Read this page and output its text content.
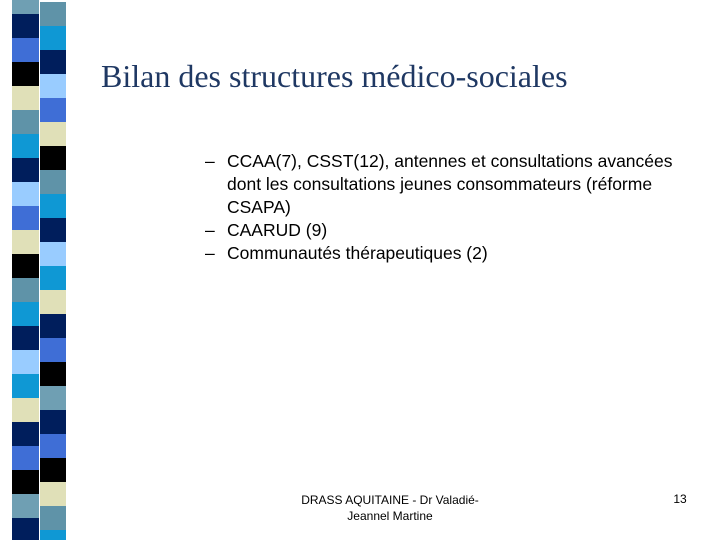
Bilan des structures médico-sociales
– CCAA(7), CSST(12), antennes et consultations avancées dont les consultations jeunes consommateurs (réforme CSAPA)
– CAARUD (9)
– Communautés thérapeutiques (2)
DRASS AQUITAINE - Dr Valadié-
Jeannel Martine
13
